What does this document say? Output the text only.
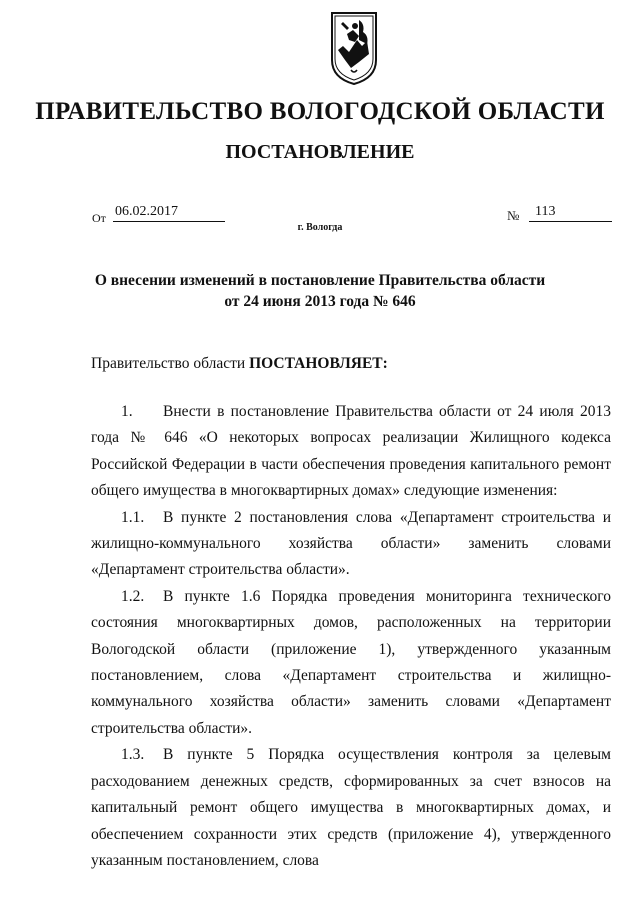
ПРАВИТЕЛЬСТВО ВОЛОГОДСКОЙ ОБЛАСТИ
ПОСТАНОВЛЕНИЕ
От 06.02.2017	№	113
г. Вологда
О внесении изменений в постановление Правительства области
от 24 июня 2013 года № 646
Правительство области ПОСТАНОВЛЯЕТ:

1. Внести в постановление Правительства области от 24 июля 2013 года № 646 «О некоторых вопросах реализации Жилищного кодекса Российской Федерации в части обеспечения проведения капитального ремонт общего имущества в многоквартирных домах» следующие изменения:

1.1. В пункте 2 постановления слова «Департамент строительства и жилищно-коммунального хозяйства области» заменить словами «Департамент строительства области».

1.2. В пункте 1.6 Порядка проведения мониторинга технического состояния многоквартирных домов, расположенных на территории Вологодской области (приложение 1), утвержденного указанным постановлением, слова «Департамент строительства и жилищно-коммунального хозяйства области» заменить словами «Департамент строительства области».

1.3. В пункте 5 Порядка осуществления контроля за целевым расходованием денежных средств, сформированных за счет взносов на капитальный ремонт общего имущества в многоквартирных домах, и обеспечением сохранности этих средств (приложение 4), утвержденного указанным постановлением, слова
